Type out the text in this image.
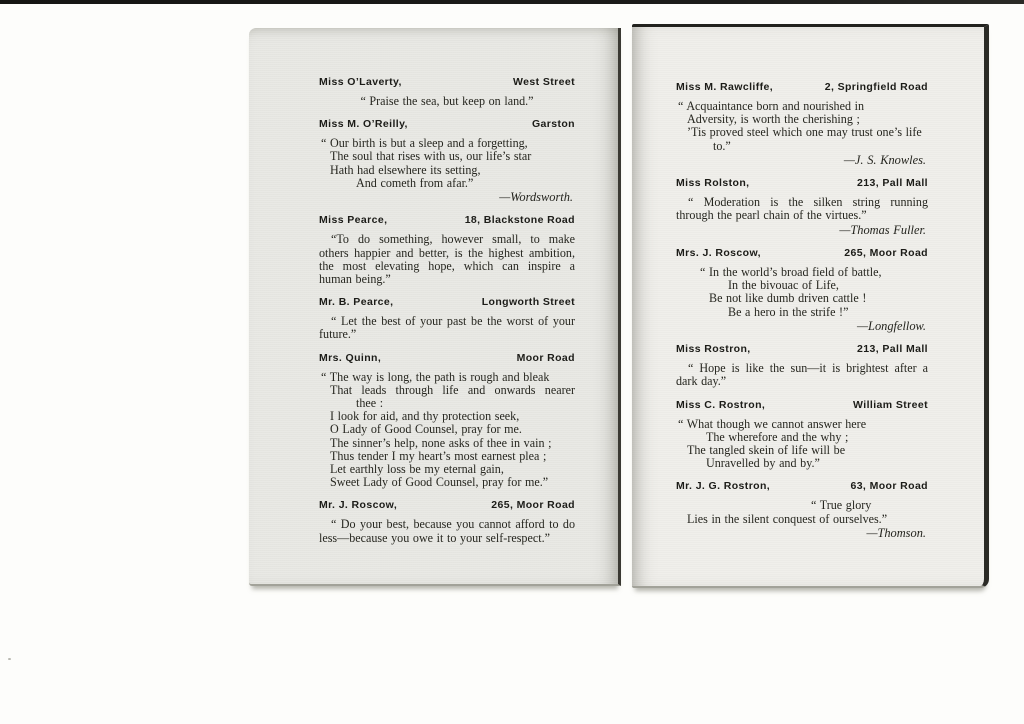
Miss O’Laverty,	West Street
“ Praise the sea, but keep on land.”
Miss M. O’Reilly,	Garston
“ Our birth is but a sleep and a forgetting,
The soul that rises with us, our life’s star
Hath had elsewhere its setting,
And cometh from afar.”
—Wordsworth.
Miss Pearce,	18, Blackstone Road
“To do something, however small, to make
others happier and better, is the highest ambition,
the most elevating hope, which can inspire a
human being.”
Mr. B. Pearce,	Longworth Street
“ Let the best of your past be the worst of your
future.”
Mrs. Quinn,	Moor Road
“ The way is long, the path is rough and bleak
That leads through life and onwards nearer
thee :
I look for aid, and thy protection seek,
O Lady of Good Counsel, pray for me.
The sinner’s help, none asks of thee in vain ;
Thus tender I my heart’s most earnest plea ;
Let earthly loss be my eternal gain,
Sweet Lady of Good Counsel, pray for me.”
Mr. J. Roscow,	265, Moor Road
“ Do your best, because you cannot afford to do
less—because you owe it to your self-respect.”
Miss M. Rawcliffe,	2, Springfield Road
“ Acquaintance born and nourished in
Adversity, is worth the cherishing ;
’Tis proved steel which one may trust one’s life
to.”
—J. S. Knowles.
Miss Rolston,	213, Pall Mall
“ Moderation is the silken string running
through the pearl chain of the virtues.”
—Thomas Fuller.
Mrs. J. Roscow,	265, Moor Road
“ In the world’s broad field of battle,
In the bivouac of Life,
Be not like dumb driven cattle !
Be a hero in the strife !”
—Longfellow.
Miss Rostron,	213, Pall Mall
“ Hope is like the sun—it is brightest after a
dark day.”
Miss C. Rostron,	William Street
“ What though we cannot answer here
The wherefore and the why ;
The tangled skein of life will be
Unravelled by and by.”
Mr. J. G. Rostron,	63, Moor Road
“ True glory
Lies in the silent conquest of ourselves.”
—Thomson.
